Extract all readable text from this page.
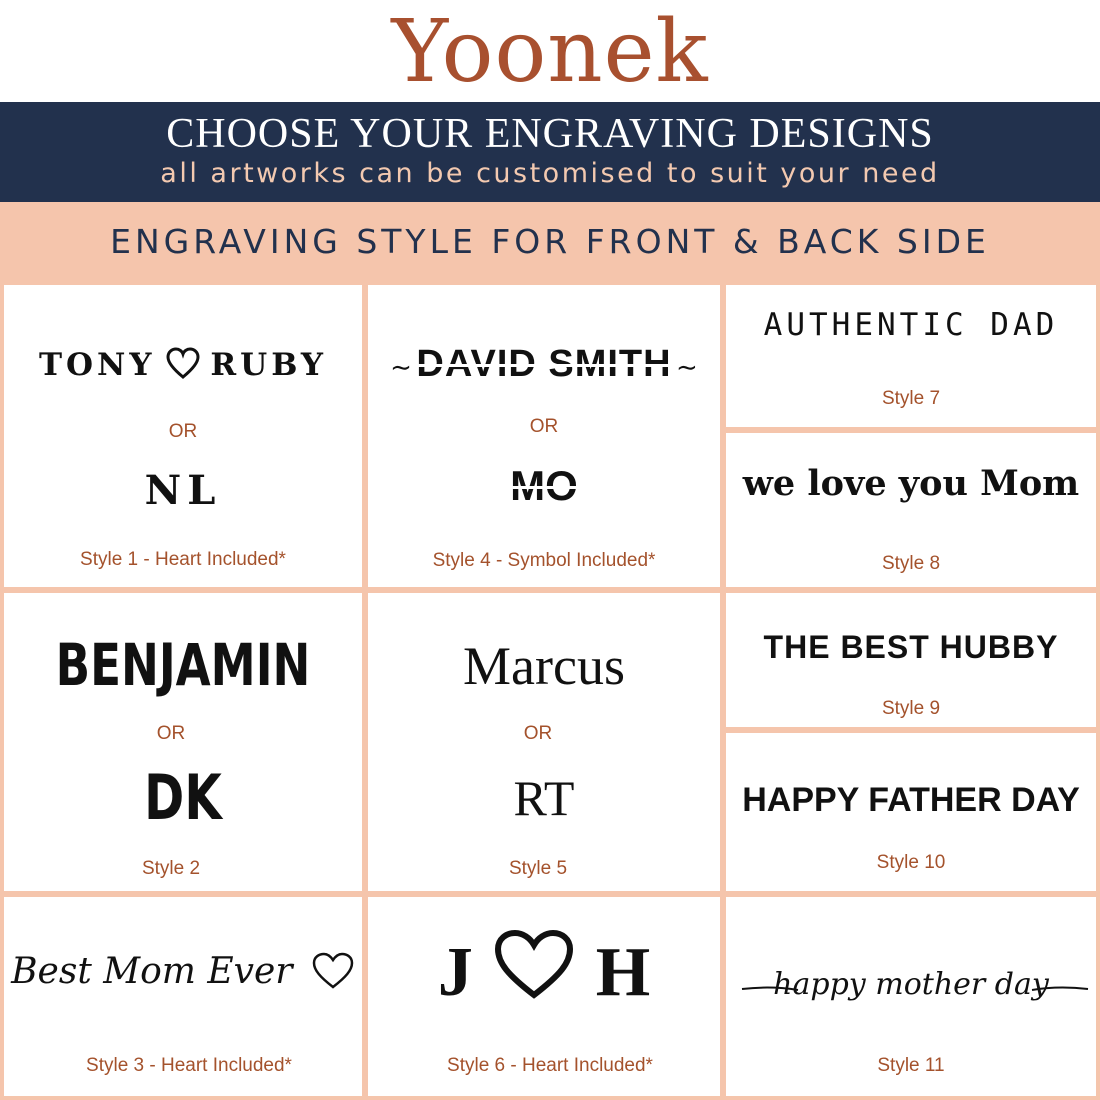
Yoonek
CHOOSE YOUR ENGRAVING DESIGNS
all artworks can be customised to suit your need
ENGRAVING STYLE FOR FRONT & BACK SIDE
TONY RUBY
OR
NL
Style 1 - Heart Included*
∼ DAVID SMITH ∼
OR
MO
Style 4 - Symbol Included*
AUTHENTIC DAD
Style 7
we love you Mom
Style 8
BENJAMIN
OR
DK
Style 2
Marcus
OR
RT
Style 5
THE BEST HUBBY
Style 9
HAPPY FATHER DAY
Style 10
Best Mom Ever
Style 3 - Heart Included*
J H
Style 6 - Heart Included*
happy mother day
Style 11
